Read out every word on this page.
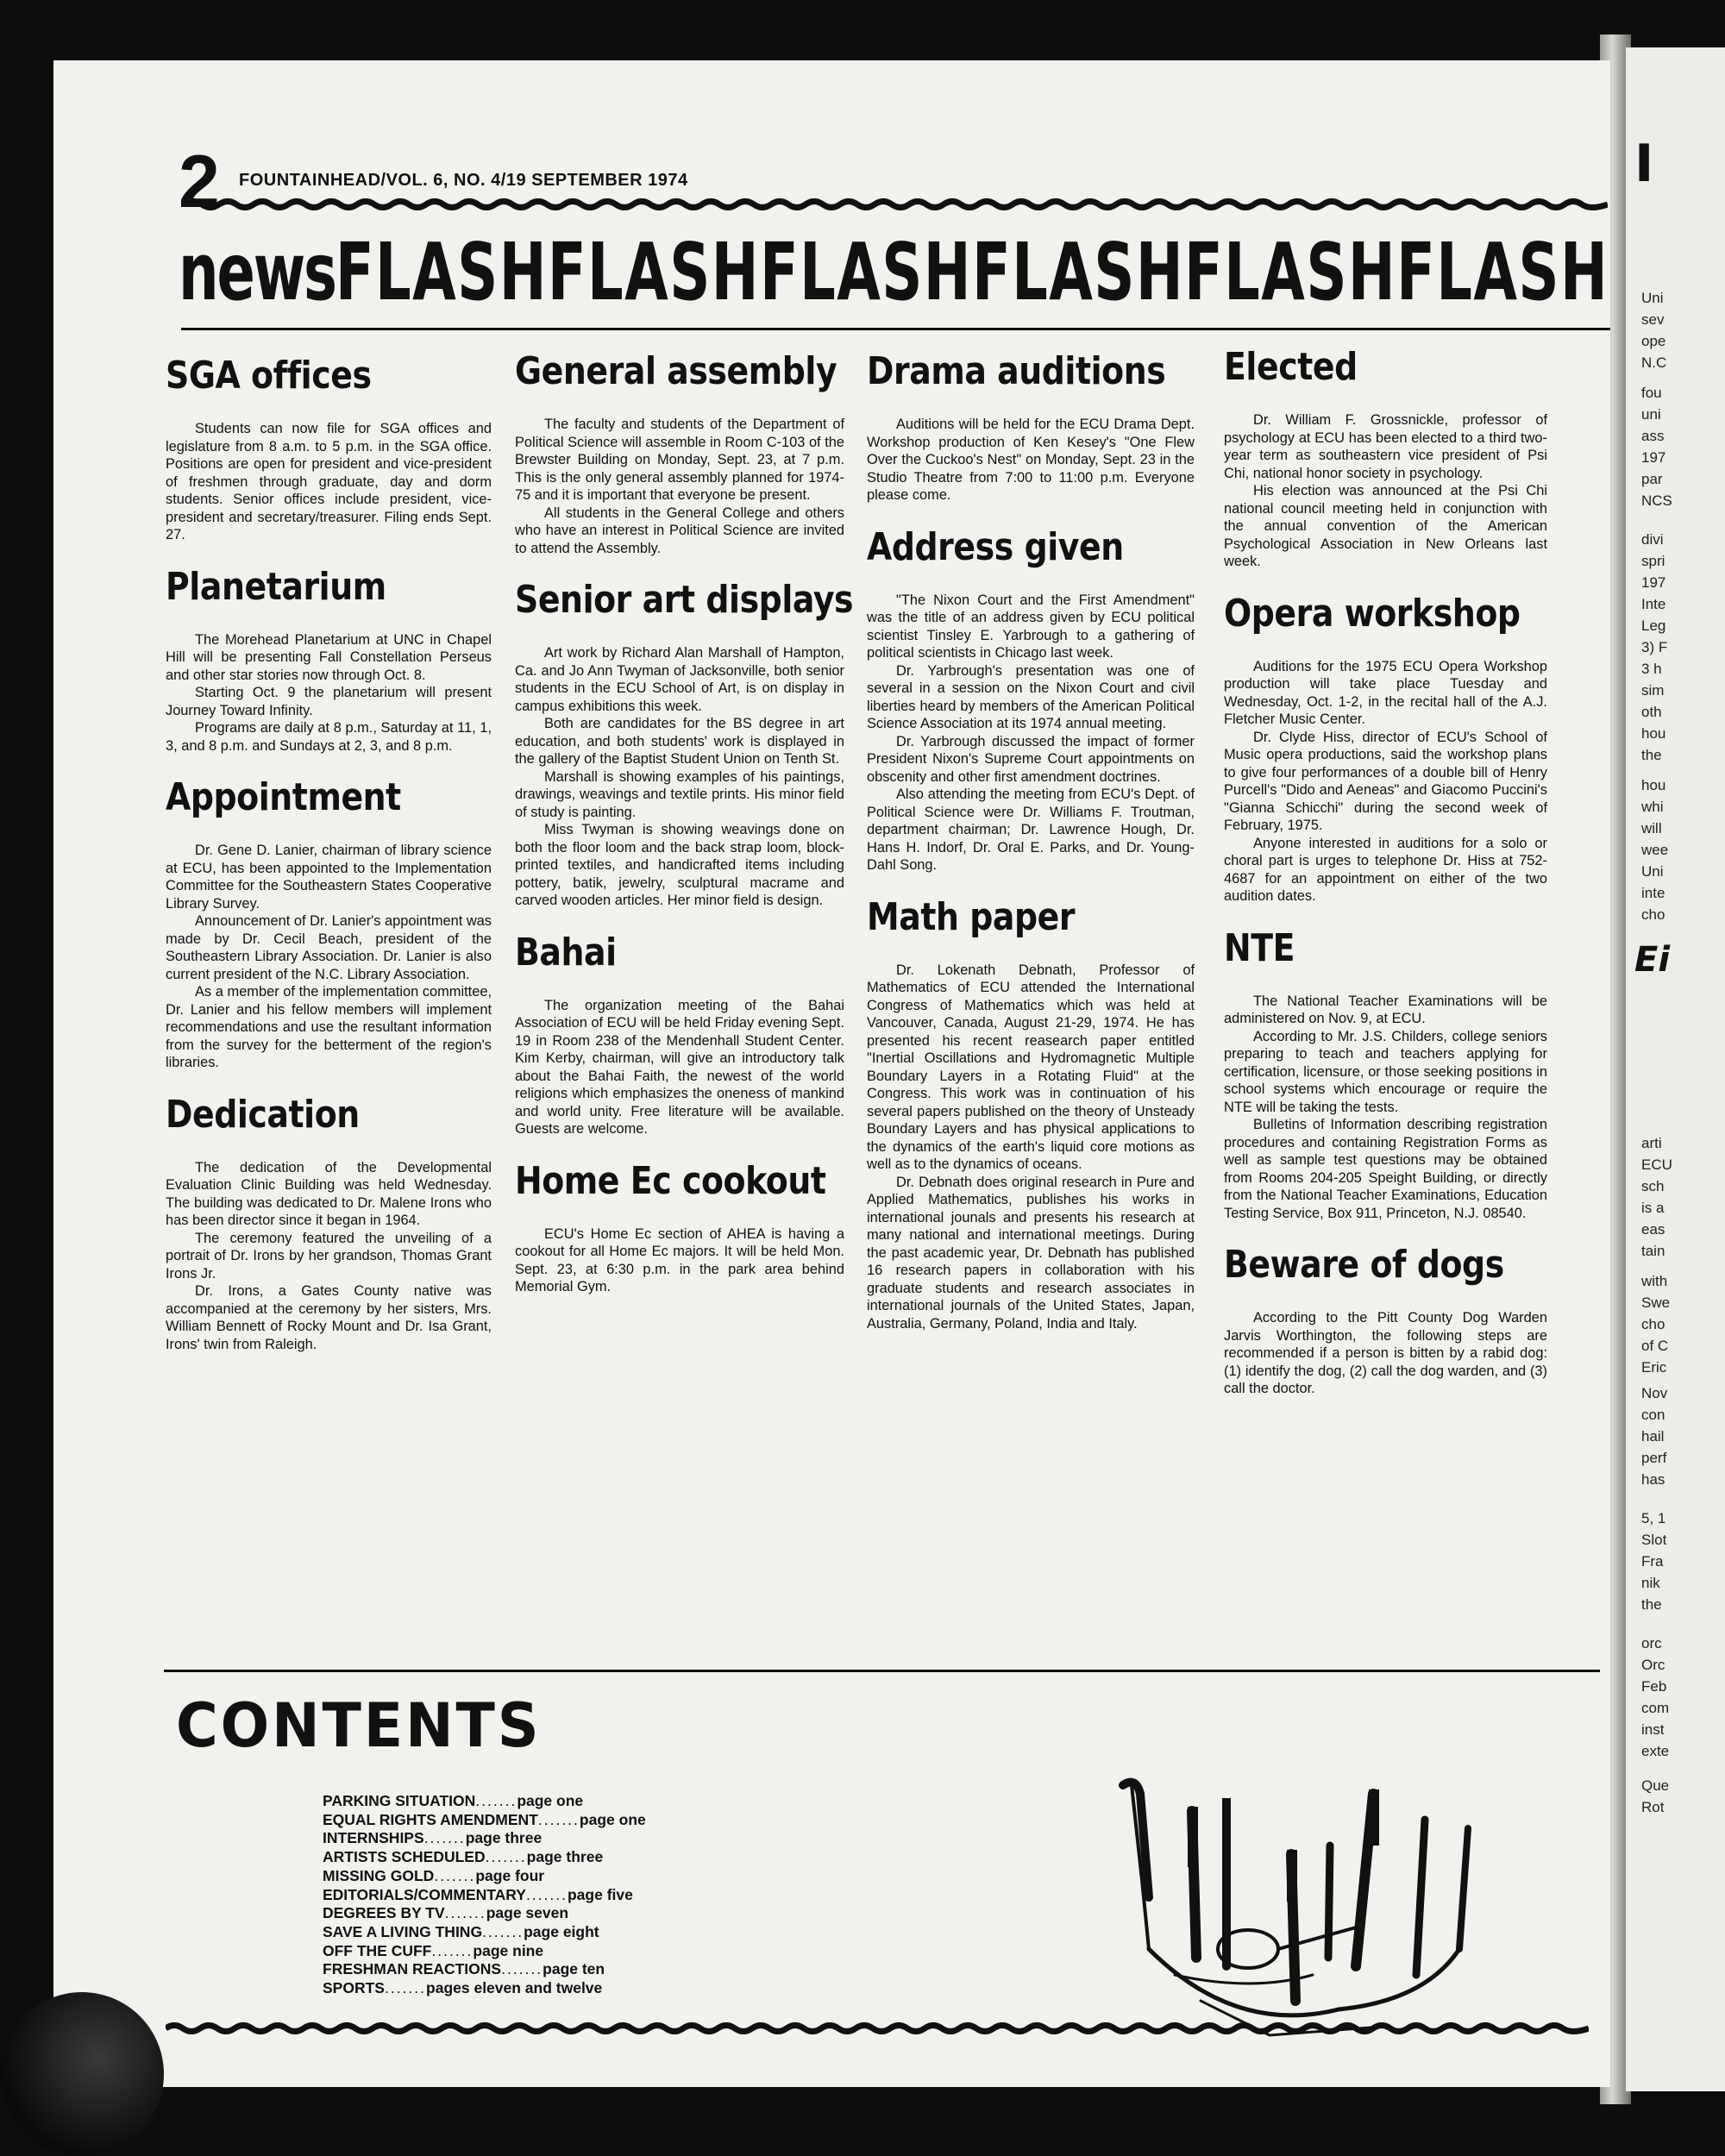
I
Uni
sev
ope
N.C
fou
uni
ass
197
par
NCS
divi
spri
197
Inte
Leg
3) F
3 h
sim
oth
hou
the
hou
whi
will
wee
Uni
inte
cho
arti
ECU
sch
is a
eas
tain
with
Swe
cho
of C
Eric
Nov
con
hail
perf
has
5, 1
Slot
Fra
nik
the
orc
Orc
Feb
com
inst
exte
Que
Rot
Ei
2 FOUNTAINHEAD/VOL. 6, NO. 4/19 SEPTEMBER 1974
newsFLASHFLASHFLASHFLASHFLASHFLASH
SGA offices

Students can now file for SGA offices and legislature from 8 a.m. to 5 p.m. in the SGA office. Positions are open for president and vice-president of freshmen through graduate, day and dorm students. Senior offices include president, vice-president and secretary/treasurer. Filing ends Sept. 27.

Planetarium

The Morehead Planetarium at UNC in Chapel Hill will be presenting Fall Constellation Perseus and other star stories now through Oct. 8.

Starting Oct. 9 the planetarium will present Journey Toward Infinity.

Programs are daily at 8 p.m., Saturday at 11, 1, 3, and 8 p.m. and Sundays at 2, 3, and 8 p.m.

Appointment

Dr. Gene D. Lanier, chairman of library science at ECU, has been appointed to the Implementation Committee for the Southeastern States Cooperative Library Survey.

Announcement of Dr. Lanier's appointment was made by Dr. Cecil Beach, president of the Southeastern Library Association. Dr. Lanier is also current president of the N.C. Library Association.

As a member of the implementation committee, Dr. Lanier and his fellow members will implement recommendations and use the resultant information from the survey for the betterment of the region's libraries.

Dedication

The dedication of the Developmental Evaluation Clinic Building was held Wednesday. The building was dedicated to Dr. Malene Irons who has been director since it began in 1964.

The ceremony featured the unveiling of a portrait of Dr. Irons by her grandson, Thomas Grant Irons Jr.

Dr. Irons, a Gates County native was accompanied at the ceremony by her sisters, Mrs. William Bennett of Rocky Mount and Dr. Isa Grant, Irons' twin from Raleigh.

General assembly

The faculty and students of the Department of Political Science will assemble in Room C-103 of the Brewster Building on Monday, Sept. 23, at 7 p.m. This is the only general assembly planned for 1974-75 and it is important that everyone be present.

All students in the General College and others who have an interest in Political Science are invited to attend the Assembly.

Senior art displays

Art work by Richard Alan Marshall of Hampton, Ca. and Jo Ann Twyman of Jacksonville, both senior students in the ECU School of Art, is on display in campus exhibitions this week.

Both are candidates for the BS degree in art education, and both students' work is displayed in the gallery of the Baptist Student Union on Tenth St.

Marshall is showing examples of his paintings, drawings, weavings and textile prints. His minor field of study is painting.

Miss Twyman is showing weavings done on both the floor loom and the back strap loom, block-printed textiles, and handicrafted items including pottery, batik, jewelry, sculptural macrame and carved wooden articles. Her minor field is design.

Bahai

The organization meeting of the Bahai Association of ECU will be held Friday evening Sept. 19 in Room 238 of the Mendenhall Student Center. Kim Kerby, chairman, will give an introductory talk about the Bahai Faith, the newest of the world religions which emphasizes the oneness of mankind and world unity. Free literature will be available. Guests are welcome.

Home Ec cookout

ECU's Home Ec section of AHEA is having a cookout for all Home Ec majors. It will be held Mon. Sept. 23, at 6:30 p.m. in the park area behind Memorial Gym.

Drama auditions

Auditions will be held for the ECU Drama Dept. Workshop production of Ken Kesey's "One Flew Over the Cuckoo's Nest" on Monday, Sept. 23 in the Studio Theatre from 7:00 to 11:00 p.m. Everyone please come.

Address given

"The Nixon Court and the First Amendment" was the title of an address given by ECU political scientist Tinsley E. Yarbrough to a gathering of political scientists in Chicago last week.

Dr. Yarbrough's presentation was one of several in a session on the Nixon Court and civil liberties heard by members of the American Political Science Association at its 1974 annual meeting.

Dr. Yarbrough discussed the impact of former President Nixon's Supreme Court appointments on obscenity and other first amendment doctrines.

Also attending the meeting from ECU's Dept. of Political Science were Dr. Williams F. Troutman, department chairman; Dr. Lawrence Hough, Dr. Hans H. Indorf, Dr. Oral E. Parks, and Dr. Young-Dahl Song.

Math paper

Dr. Lokenath Debnath, Professor of Mathematics of ECU attended the International Congress of Mathematics which was held at Vancouver, Canada, August 21-29, 1974. He has presented his recent reasearch paper entitled "Inertial Oscillations and Hydromagnetic Multiple Boundary Layers in a Rotating Fluid" at the Congress. This work was in continuation of his several papers published on the theory of Unsteady Boundary Layers and has physical applications to the dynamics of the earth's liquid core motions as well as to the dynamics of oceans.

Dr. Debnath does original research in Pure and Applied Mathematics, publishes his works in international jounals and presents his research at many national and international meetings. During the past academic year, Dr. Debnath has published 16 research papers in collaboration with his graduate students and research associates in international journals of the United States, Japan, Australia, Germany, Poland, India and Italy.

Elected

Dr. William F. Grossnickle, professor of psychology at ECU has been elected to a third two-year term as southeastern vice president of Psi Chi, national honor society in psychology.

His election was announced at the Psi Chi national council meeting held in conjunction with the annual convention of the American Psychological Association in New Orleans last week.

Opera workshop

Auditions for the 1975 ECU Opera Workshop production will take place Tuesday and Wednesday, Oct. 1-2, in the recital hall of the A.J. Fletcher Music Center.

Dr. Clyde Hiss, director of ECU's School of Music opera productions, said the workshop plans to give four performances of a double bill of Henry Purcell's "Dido and Aeneas" and Giacomo Puccini's "Gianna Schicchi" during the second week of February, 1975.

Anyone interested in auditions for a solo or choral part is urges to telephone Dr. Hiss at 752-4687 for an appointment on either of the two audition dates.

NTE

The National Teacher Examinations will be administered on Nov. 9, at ECU.

According to Mr. J.S. Childers, college seniors preparing to teach and teachers applying for certification, licensure, or those seeking positions in school systems which encourage or require the NTE will be taking the tests.

Bulletins of Information describing registration procedures and containing Registration Forms as well as sample test questions may be obtained from Rooms 204-205 Speight Building, or directly from the National Teacher Examinations, Education Testing Service, Box 911, Princeton, N.J. 08540.

Beware of dogs

According to the Pitt County Dog Warden Jarvis Worthington, the following steps are recommended if a person is bitten by a rabid dog: (1) identify the dog, (2) call the dog warden, and (3) call the doctor.

CONTENTS
PARKING SITUATION.......page one
EQUAL RIGHTS AMENDMENT.......page one
INTERNSHIPS.......page three
ARTISTS SCHEDULED.......page three
MISSING GOLD.......page four
EDITORIALS/COMMENTARY.......page five
DEGREES BY TV.......page seven
SAVE A LIVING THING.......page eight
OFF THE CUFF.......page nine
FRESHMAN REACTIONS.......page ten
SPORTS.......pages eleven and twelve
